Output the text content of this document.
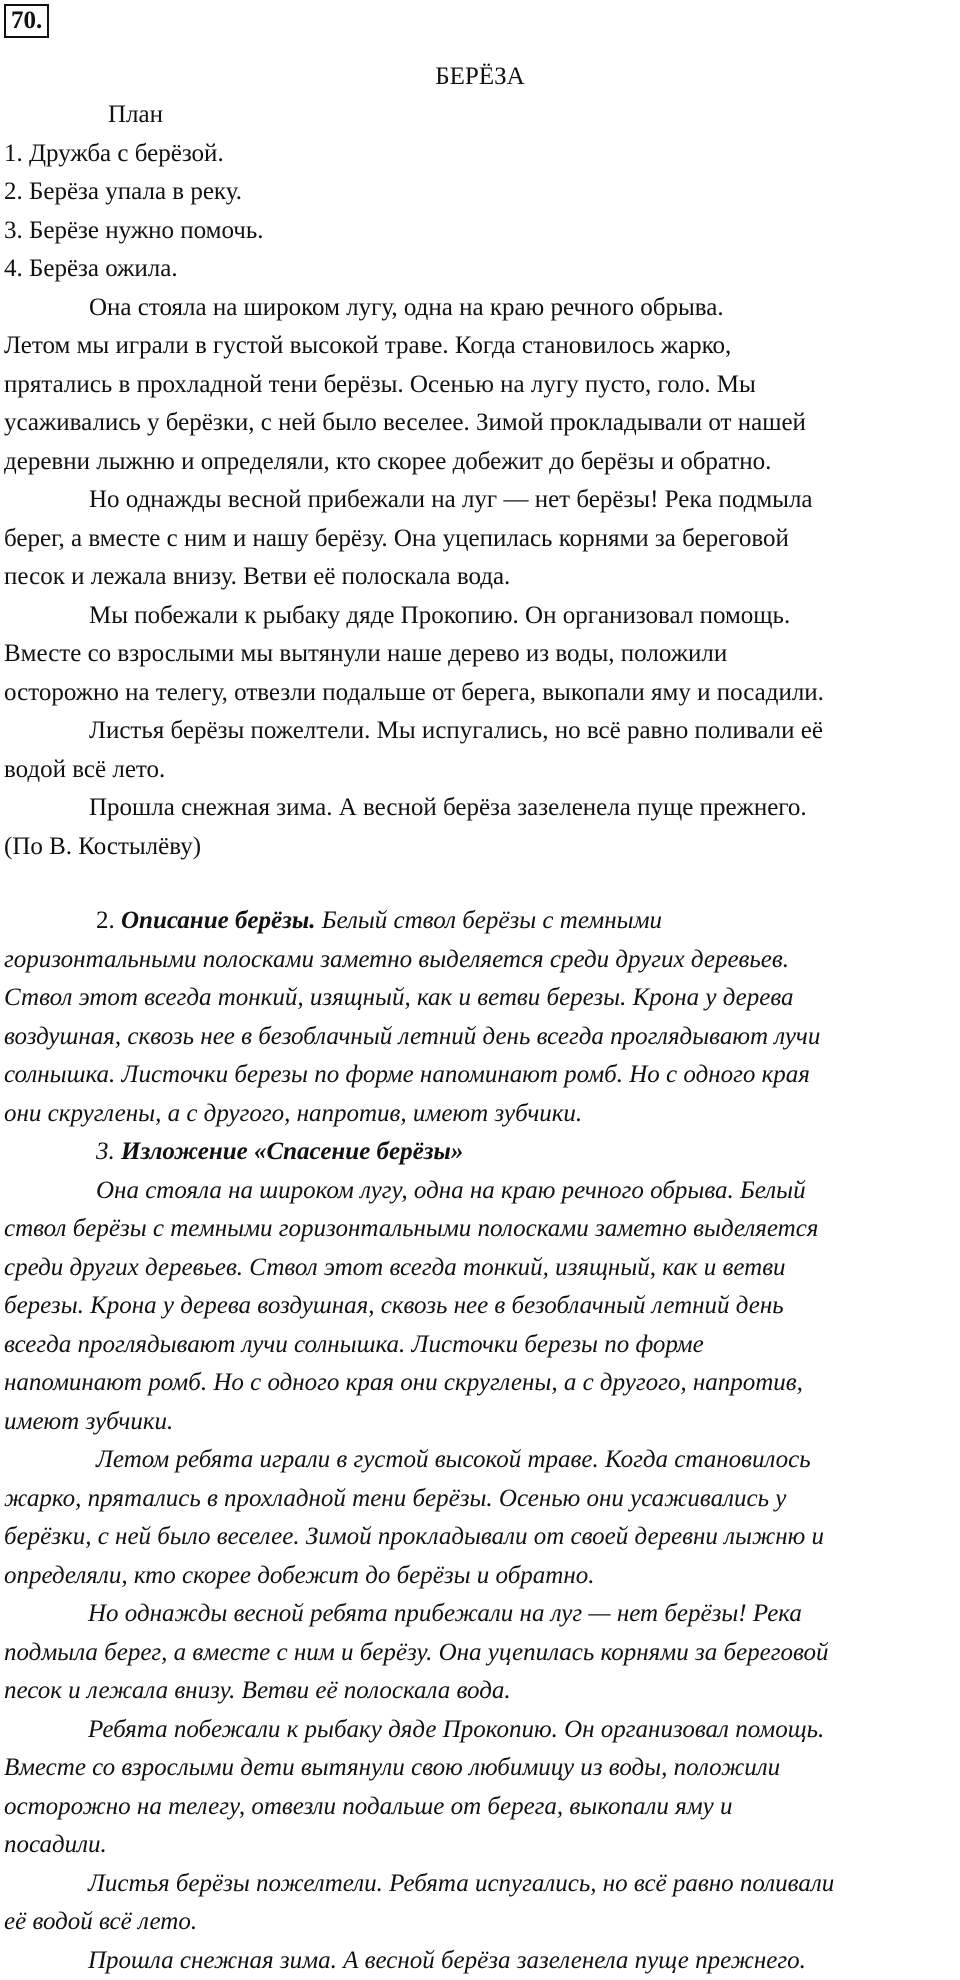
70.
БЕРЁЗА
План
1. Дружба с берёзой.
2. Берёза упала в реку.
3. Берёзе нужно помочь.
4. Берёза ожила.
Она стояла на широком лугу, одна на краю речного обрыва.
Летом мы играли в густой высокой траве. Когда становилось жарко,
прятались в прохладной тени берёзы. Осенью на лугу пусто, голо. Мы
усаживались у берёзки, с ней было веселее. Зимой прокладывали от нашей
деревни лыжню и определяли, кто скорее добежит до берёзы и обратно.
Но однажды весной прибежали на луг — нет берёзы! Река подмыла
берег, а вместе с ним и нашу берёзу. Она уцепилась корнями за береговой
песок и лежала внизу. Ветви её полоскала вода.
Мы побежали к рыбаку дяде Прокопию. Он организовал помощь.
Вместе со взрослыми мы вытянули наше дерево из воды, положили
осторожно на телегу, отвезли подальше от берега, выкопали яму и посадили.
Листья берёзы пожелтели. Мы испугались, но всё равно поливали её
водой всё лето.
Прошла снежная зима. А весной берёза зазеленела пуще прежнего.
(По В. Костылёву)
2. Описание берёзы. Белый ствол берёзы с темными
горизонтальными полосками заметно выделяется среди других деревьев.
Ствол этот всегда тонкий, изящный, как и ветви березы. Крона у дерева
воздушная, сквозь нее в безоблачный летний день всегда проглядывают лучи
солнышка. Листочки березы по форме напоминают ромб. Но с одного края
они скруглены, а с другого, напротив, имеют зубчики.
3. Изложение «Спасение берёзы»
Она стояла на широком лугу, одна на краю речного обрыва. Белый
ствол берёзы с темными горизонтальными полосками заметно выделяется
среди других деревьев. Ствол этот всегда тонкий, изящный, как и ветви
березы. Крона у дерева воздушная, сквозь нее в безоблачный летний день
всегда проглядывают лучи солнышка. Листочки березы по форме
напоминают ромб. Но с одного края они скруглены, а с другого, напротив,
имеют зубчики.
Летом ребята играли в густой высокой траве. Когда становилось
жарко, прятались в прохладной тени берёзы. Осенью они усаживались у
берёзки, с ней было веселее. Зимой прокладывали от своей деревни лыжню и
определяли, кто скорее добежит до берёзы и обратно.
Но однажды весной ребята прибежали на луг — нет берёзы! Река
подмыла берег, а вместе с ним и берёзу. Она уцепилась корнями за береговой
песок и лежала внизу. Ветви её полоскала вода.
Ребята побежали к рыбаку дяде Прокопию. Он организовал помощь.
Вместе со взрослыми дети вытянули свою любимицу из воды, положили
осторожно на телегу, отвезли подальше от берега, выкопали яму и
посадили.
Листья берёзы пожелтели. Ребята испугались, но всё равно поливали
её водой всё лето.
Прошла снежная зима. А весной берёза зазеленела пуще прежнего.
